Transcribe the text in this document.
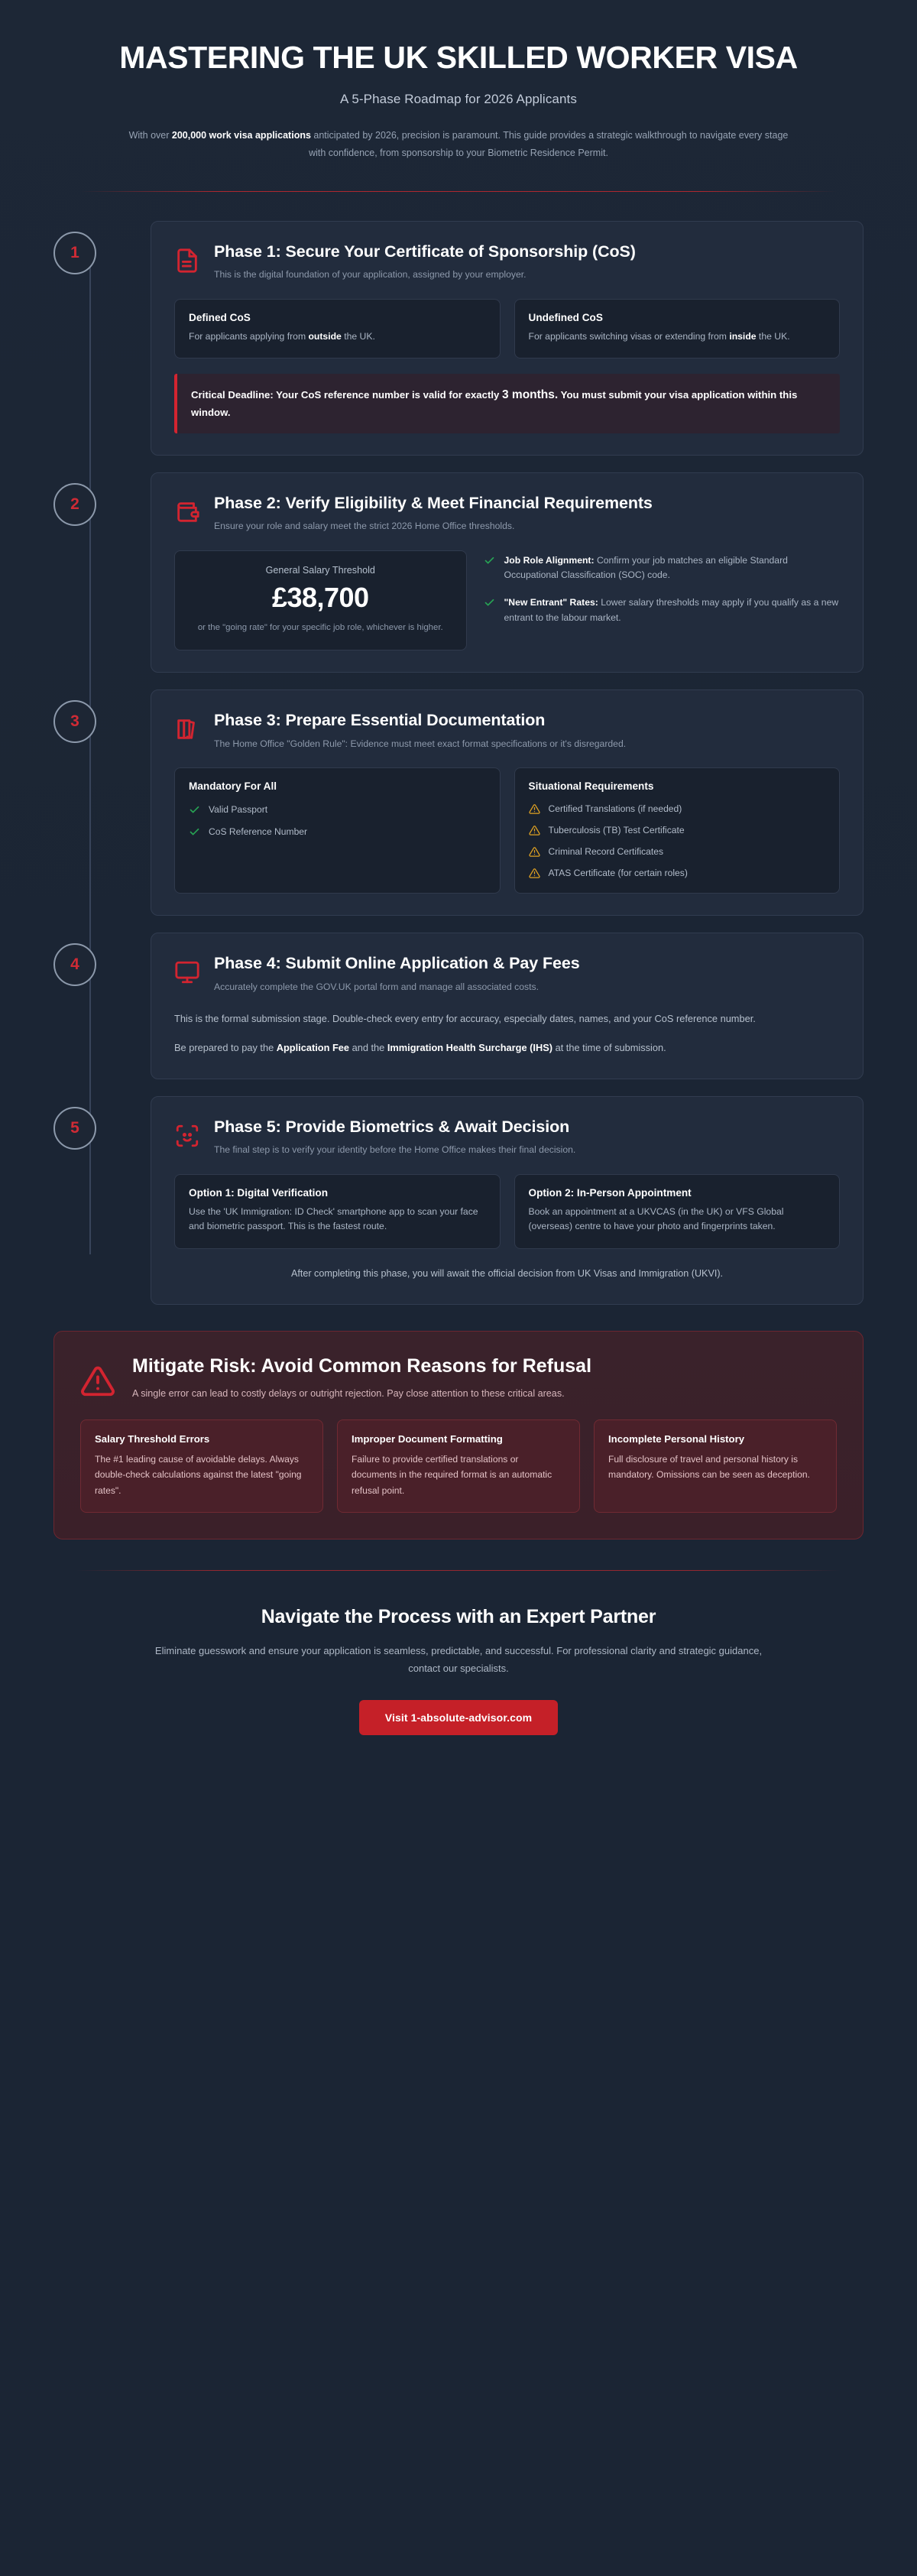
MASTERING THE UK SKILLED WORKER VISA
A 5-Phase Roadmap for 2026 Applicants

With over 200,000 work visa applications anticipated by 2026, precision is paramount. This guide provides a strategic walkthrough to navigate every stage with confidence, from sponsorship to your Biometric Residence Permit.

1	Phase 1: Secure Your Certificate of Sponsorship (CoS)
This is the digital foundation of your application, assigned by your employer.
Defined CoS

For applicants applying from outside the UK.

Undefined CoS

For applicants switching visas or extending from inside the UK.

Critical Deadline: Your CoS reference number is valid for exactly 3 months. You must submit your visa application within this window.

2	Phase 2: Verify Eligibility & Meet Financial Requirements
Ensure your role and salary meet the strict 2026 Home Office thresholds.
General Salary Threshold
£38,700
or the "going rate" for your specific job role, whichever is higher.
Job Role Alignment: Confirm your job matches an eligible Standard Occupational Classification (SOC) code.
"New Entrant" Rates: Lower salary thresholds may apply if you qualify as a new entrant to the labour market.
3	Phase 3: Prepare Essential Documentation
The Home Office "Golden Rule": Evidence must meet exact format specifications or it's disregarded.
Mandatory For All
Valid Passport
CoS Reference Number
Situational Requirements
Certified Translations (if needed)
Tuberculosis (TB) Test Certificate
Criminal Record Certificates
ATAS Certificate (for certain roles)
4	Phase 4: Submit Online Application & Pay Fees
Accurately complete the GOV.UK portal form and manage all associated costs.

This is the formal submission stage. Double-check every entry for accuracy, especially dates, names, and your CoS reference number.

Be prepared to pay the Application Fee and the Immigration Health Surcharge (IHS) at the time of submission.

5	Phase 5: Provide Biometrics & Await Decision
The final step is to verify your identity before the Home Office makes their final decision.
Option 1: Digital Verification

Use the 'UK Immigration: ID Check' smartphone app to scan your face and biometric passport. This is the fastest route.

Option 2: In-Person Appointment

Book an appointment at a UKVCAS (in the UK) or VFS Global (overseas) centre to have your photo and fingerprints taken.

After completing this phase, you will await the official decision from UK Visas and Immigration (UKVI).
Mitigate Risk: Avoid Common Reasons for Refusal
A single error can lead to costly delays or outright rejection. Pay close attention to these critical areas.
Salary Threshold Errors

The #1 leading cause of avoidable delays. Always double-check calculations against the latest "going rates".

Improper Document Formatting

Failure to provide certified translations or documents in the required format is an automatic refusal point.

Incomplete Personal History

Full disclosure of travel and personal history is mandatory. Omissions can be seen as deception.

Navigate the Process with an Expert Partner

Eliminate guesswork and ensure your application is seamless, predictable, and successful. For professional clarity and strategic guidance, contact our specialists.

Visit 1-absolute-advisor.com
